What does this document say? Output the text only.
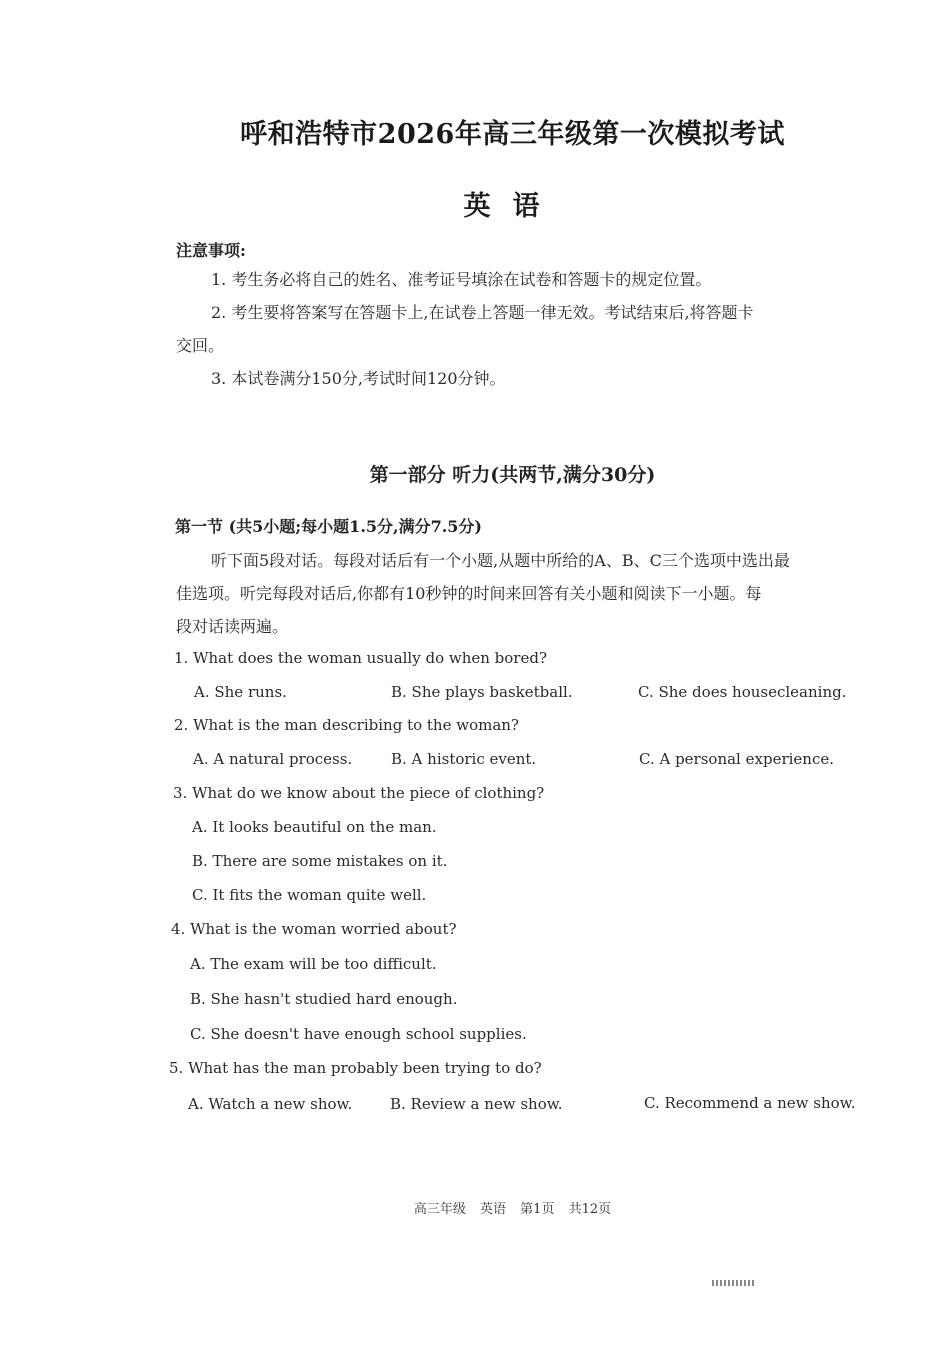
呼和浩特市2026年高三年级第一次模拟考试
英语
注意事项:
1. 考生务必将自己的姓名、准考证号填涂在试卷和答题卡的规定位置。
2. 考生要将答案写在答题卡上,在试卷上答题一律无效。考试结束后,将答题卡
交回。
3. 本试卷满分150分,考试时间120分钟。
第一部分 听力(共两节,满分30分)
第一节 (共5小题;每小题1.5分,满分7.5分)
听下面5段对话。每段对话后有一个小题,从题中所给的A、B、C三个选项中选出最
佳选项。听完每段对话后,你都有10秒钟的时间来回答有关小题和阅读下一小题。每
段对话读两遍。
1. What does the woman usually do when bored?
A. She runs.	B. She plays basketball.	C. She does housecleaning.
2. What is the man describing to the woman?
A. A natural process.	B. A historic event.	C. A personal experience.
3. What do we know about the piece of clothing?
A. It looks beautiful on the man.
B. There are some mistakes on it.
C. It fits the woman quite well.
4. What is the woman worried about?
A. The exam will be too difficult.
B. She hasn't studied hard enough.
C. She doesn't have enough school supplies.
5. What has the man probably been trying to do?
A. Watch a new show.	B. Review a new show.	C. Recommend a new show.
高三年级 英语 第1页 共12页
